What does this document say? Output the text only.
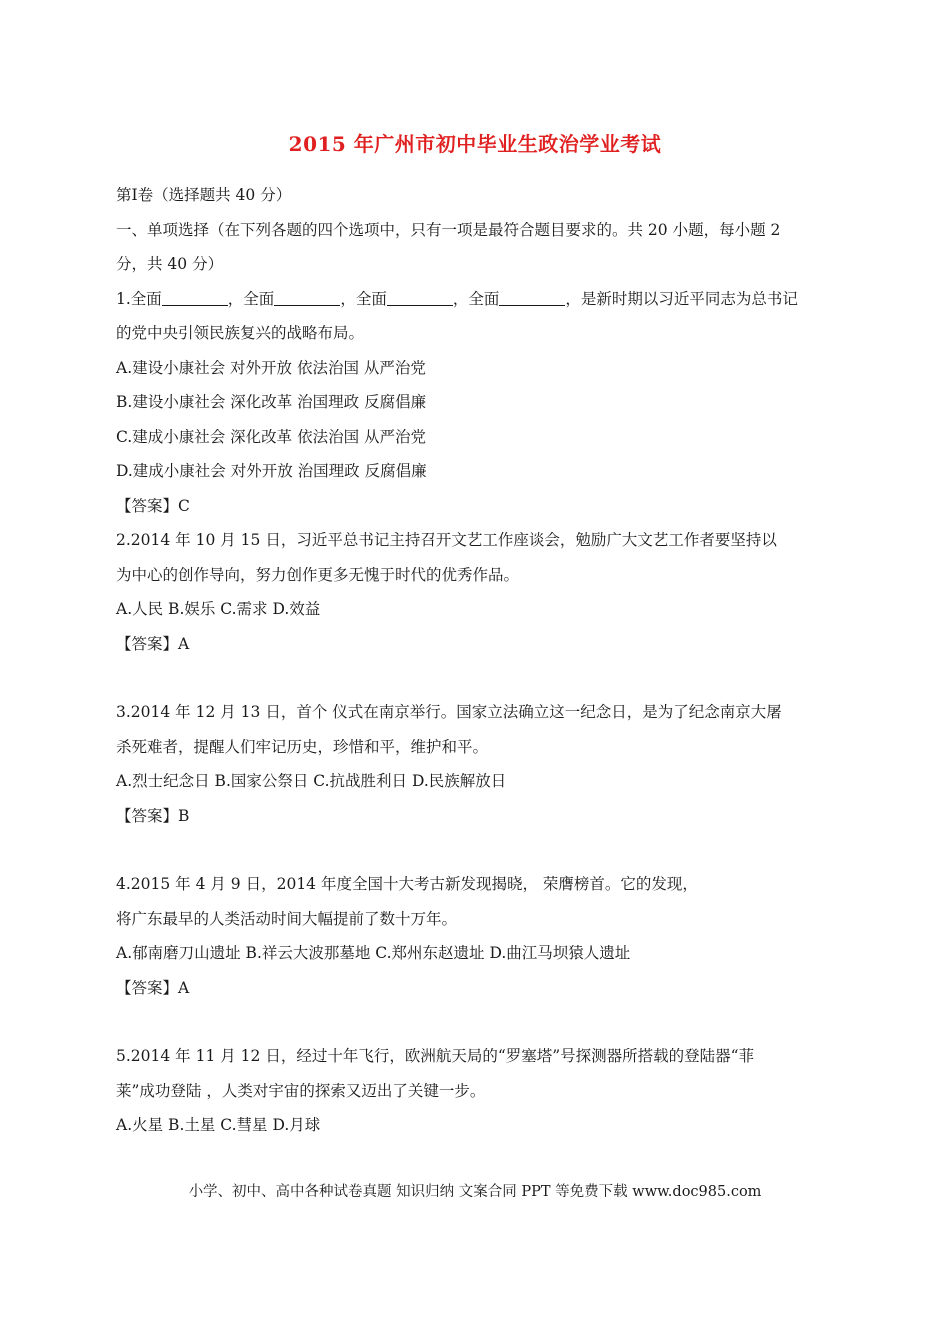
2015 年广州市初中毕业生政治学业考试
第Ⅰ卷（选择题共 40 分）
一、单项选择（在下列各题的四个选项中，只有一项是最符合题目要求的。共 20 小题，每小题 2
分，共 40 分）
1.全面	，全面	，全面	，全面	，是新时期以习近平同志为总书记
的党中央引领民族复兴的战略布局。
A.建设小康社会 对外开放 依法治国 从严治党
B.建设小康社会 深化改革 治国理政 反腐倡廉
C.建成小康社会 深化改革 依法治国 从严治党
D.建成小康社会 对外开放 治国理政 反腐倡廉
【答案】C
2.2014 年 10 月 15 日，习近平总书记主持召开文艺工作座谈会，勉励广大文艺工作者要坚持以
为中心的创作导向，努力创作更多无愧于时代的优秀作品。
A.人民 B.娱乐 C.需求 D.效益
【答案】A
3.2014 年 12 月 13 日，首个 仪式在南京举行。国家立法确立这一纪念日，是为了纪念南京大屠
杀死难者，提醒人们牢记历史，珍惜和平，维护和平。
A.烈士纪念日 B.国家公祭日 C.抗战胜利日 D.民族解放日
【答案】B
4.2015 年 4 月 9 日，2014 年度全国十大考古新发现揭晓， 荣膺榜首。它的发现，
将广东最早的人类活动时间大幅提前了数十万年。
A.郁南磨刀山遗址 B.祥云大波那墓地 C.郑州东赵遗址 D.曲江马坝猿人遗址
【答案】A
5.2014 年 11 月 12 日，经过十年飞行，欧洲航天局的“罗塞塔”号探测器所搭载的登陆器“菲
莱”成功登陆 ，人类对宇宙的探索又迈出了关键一步。
A.火星 B.土星 C.彗星 D.月球
小学、初中、高中各种试卷真题 知识归纳 文案合同 PPT 等免费下载 www.doc985.com
